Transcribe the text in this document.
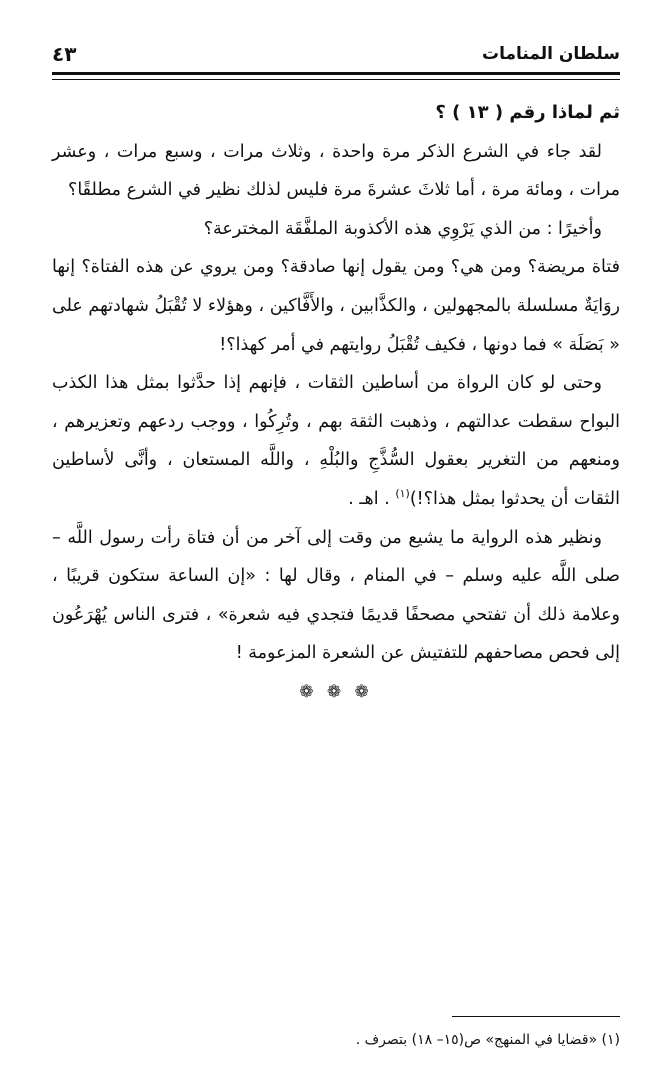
سلطان المنامات
٤٣

ثم لماذا رقم ( ١٣ ) ؟

لقد جاء في الشرع الذكر مرة واحدة ، وثلاث مرات ، وسبع مرات ، وعشر مرات ، ومائة مرة ، أما ثلاثَ عشرةَ مرة فليس لذلك نظير في الشرع مطلقًا؟

وأخيرًا : من الذي يَرْوِي هذه الأكذوبة الملفَّقَة المخترعة؟

فتاة مريضة؟ ومن هي؟ ومن يقول إنها صادقة؟ ومن يروي عن هذه الفتاة؟ إنها روَايَةٌ مسلسلة بالمجهولين ، والكذَّابين ، والأَفَّاكين ، وهؤلاء لا تُقْبَلُ شهادتهم على « بَصَلَة » فما دونها ، فكيف تُقْبَلُ روايتهم في أمر كهذا؟!

وحتى لو كان الرواة من أساطين الثقات ، فإنهم إذا حدَّثوا بمثل هذا الكذب البواح سقطت عدالتهم ، وذهبت الثقة بهم ، وتُرِكُوا ، ووجب ردعهم وتعزيرهم ، ومنعهم من التغرير بعقول السُّذَّجِ والبُلْهِ ، واللَّه المستعان ، وأنَّى لأساطين الثقات أن يحدثوا بمثل هذا؟!)$^{(١)}$ . اهـ .

ونظير هذه الرواية ما يشيع من وقت إلى آخر من أن فتاة رأت رسول اللَّه – صلى اللَّه عليه وسلم – في المنام ، وقال لها : «إن الساعة ستكون قريبًا ، وعلامة ذلك أن تفتحي مصحفًا قديمًا فتجدي فيه شعرة» ، فترى الناس يُهْرَعُون إلى فحص مصاحفهم للتفتيش عن الشعرة المزعومة !

❁ ❁ ❁
(١) «قضايا في المنهج» ص(١٥– ١٨) بتصرف .
